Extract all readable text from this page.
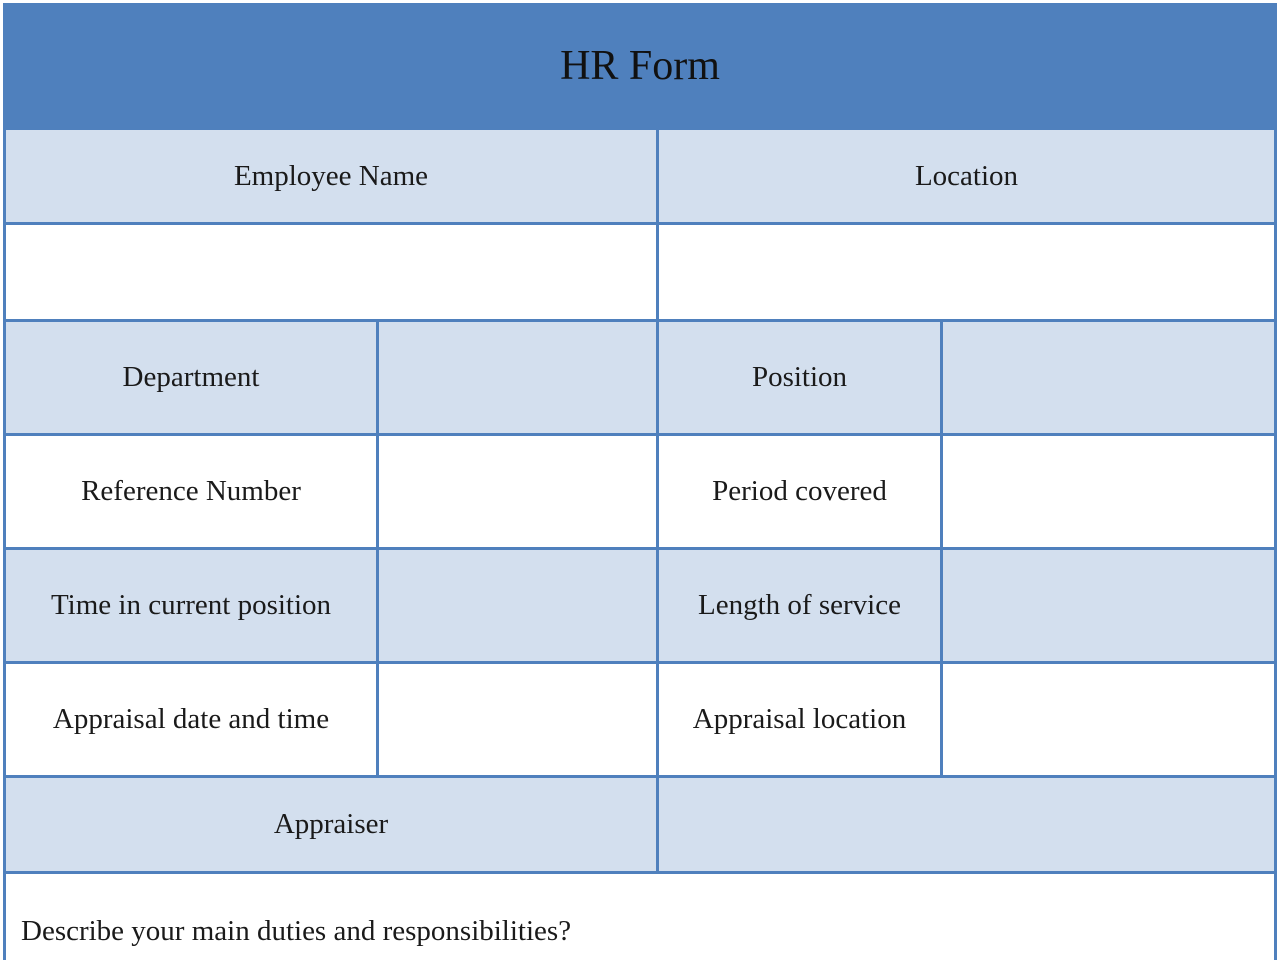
HR Form
Employee Name	Location
Department	Position
Reference Number	Period covered
Time in current position	Length of service
Appraisal date and time	Appraisal location
Appraiser
Describe your main duties and responsibilities?
